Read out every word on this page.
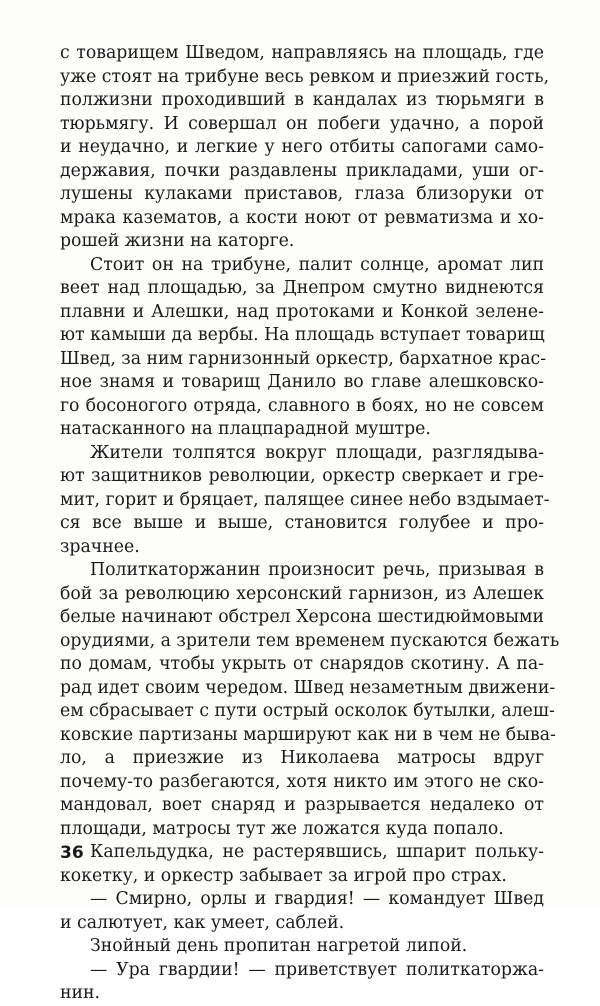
с товарищем Шведом, направляясь на площадь, где
уже стоят на трибуне весь ревком и приезжий гость,
полжизни проходивший в кандалах из тюрьмяги в
тюрьмягу. И совершал он побеги удачно, а порой
и неудачно, и легкие у него отбиты сапогами само-
державия, почки раздавлены прикладами, уши ог-
лушены кулаками приставов, глаза близоруки от
мрака казематов, а кости ноют от ревматизма и хо-
рошей жизни на каторге.

Стоит он на трибуне, палит солнце, аромат лип
веет над площадью, за Днепром смутно виднеются
плавни и Алешки, над протоками и Конкой зелене-
ют камыши да вербы. На площадь вступает товарищ
Швед, за ним гарнизонный оркестр, бархатное крас-
ное знамя и товарищ Данило во главе алешковско-
го босоногого отряда, славного в боях, но не совсем
натасканного на плацпарадной муштре.

Жители толпятся вокруг площади, разглядыва-
ют защитников революции, оркестр сверкает и гре-
мит, горит и бряцает, палящее синее небо вздымает-
ся все выше и выше, становится голубее и про-
зрачнее.

Политкаторжанин произносит речь, призывая в
бой за революцию херсонский гарнизон, из Алешек
белые начинают обстрел Херсона шестидюймовыми
орудиями, а зрители тем временем пускаются бежать
по домам, чтобы укрыть от снарядов скотину. А па-
рад идет своим чередом. Швед незаметным движени-
ем сбрасывает с пути острый осколок бутылки, алеш-
ковские партизаны маршируют как ни в чем не быва-
ло, а приезжие из Николаева матросы вдруг
почему-то разбегаются, хотя никто им этого не ско-
мандовал, воет снаряд и разрывается недалеко от
площади, матросы тут же ложатся куда попало.

Капельдудка, не растерявшись, шпарит польку-
кокетку, и оркестр забывает за игрой про страх.

— Смирно, орлы и гвардия! — командует Швед
и салютует, как умеет, саблей.

Знойный день пропитан нагретой липой.

— Ура гвардии! — приветствует политкаторжа-
нин.

36
